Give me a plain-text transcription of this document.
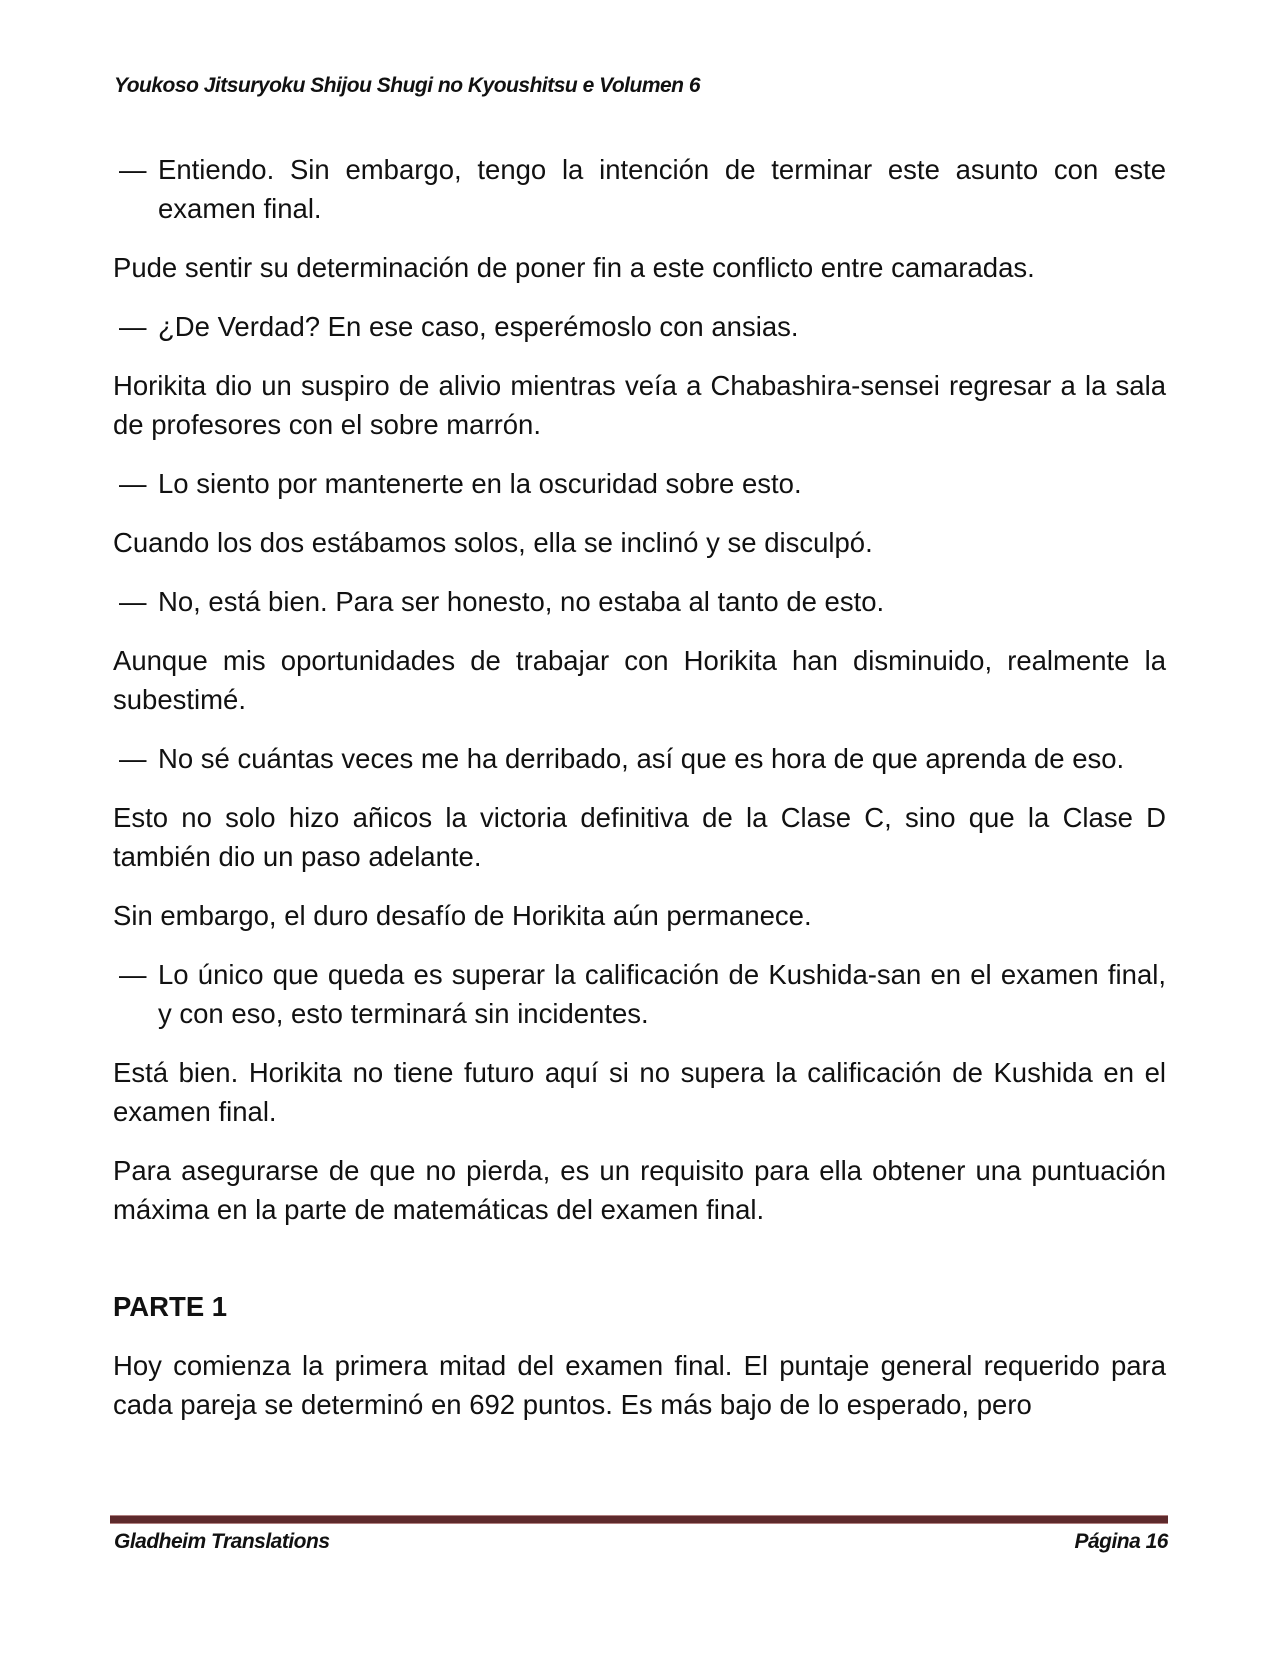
Youkoso Jitsuryoku Shijou Shugi no Kyoushitsu e Volumen 6
— Entiendo. Sin embargo, tengo la intención de terminar este asunto con este examen final.

Pude sentir su determinación de poner fin a este conflicto entre camaradas.

— ¿De Verdad? En ese caso, esperémoslo con ansias.

Horikita dio un suspiro de alivio mientras veía a Chabashira-sensei regresar a la sala de profesores con el sobre marrón.

— Lo siento por mantenerte en la oscuridad sobre esto.

Cuando los dos estábamos solos, ella se inclinó y se disculpó.

— No, está bien. Para ser honesto, no estaba al tanto de esto.

Aunque mis oportunidades de trabajar con Horikita han disminuido, realmente la subestimé.

— No sé cuántas veces me ha derribado, así que es hora de que aprenda de eso.

Esto no solo hizo añicos la victoria definitiva de la Clase C, sino que la Clase D también dio un paso adelante.

Sin embargo, el duro desafío de Horikita aún permanece.

— Lo único que queda es superar la calificación de Kushida-san en el examen final, y con eso, esto terminará sin incidentes.

Está bien. Horikita no tiene futuro aquí si no supera la calificación de Kushida en el examen final.

Para asegurarse de que no pierda, es un requisito para ella obtener una puntuación máxima en la parte de matemáticas del examen final.

PARTE 1

Hoy comienza la primera mitad del examen final. El puntaje general requerido para cada pareja se determinó en 692 puntos. Es más bajo de lo esperado, pero

Gladheim Translations	Página 16
